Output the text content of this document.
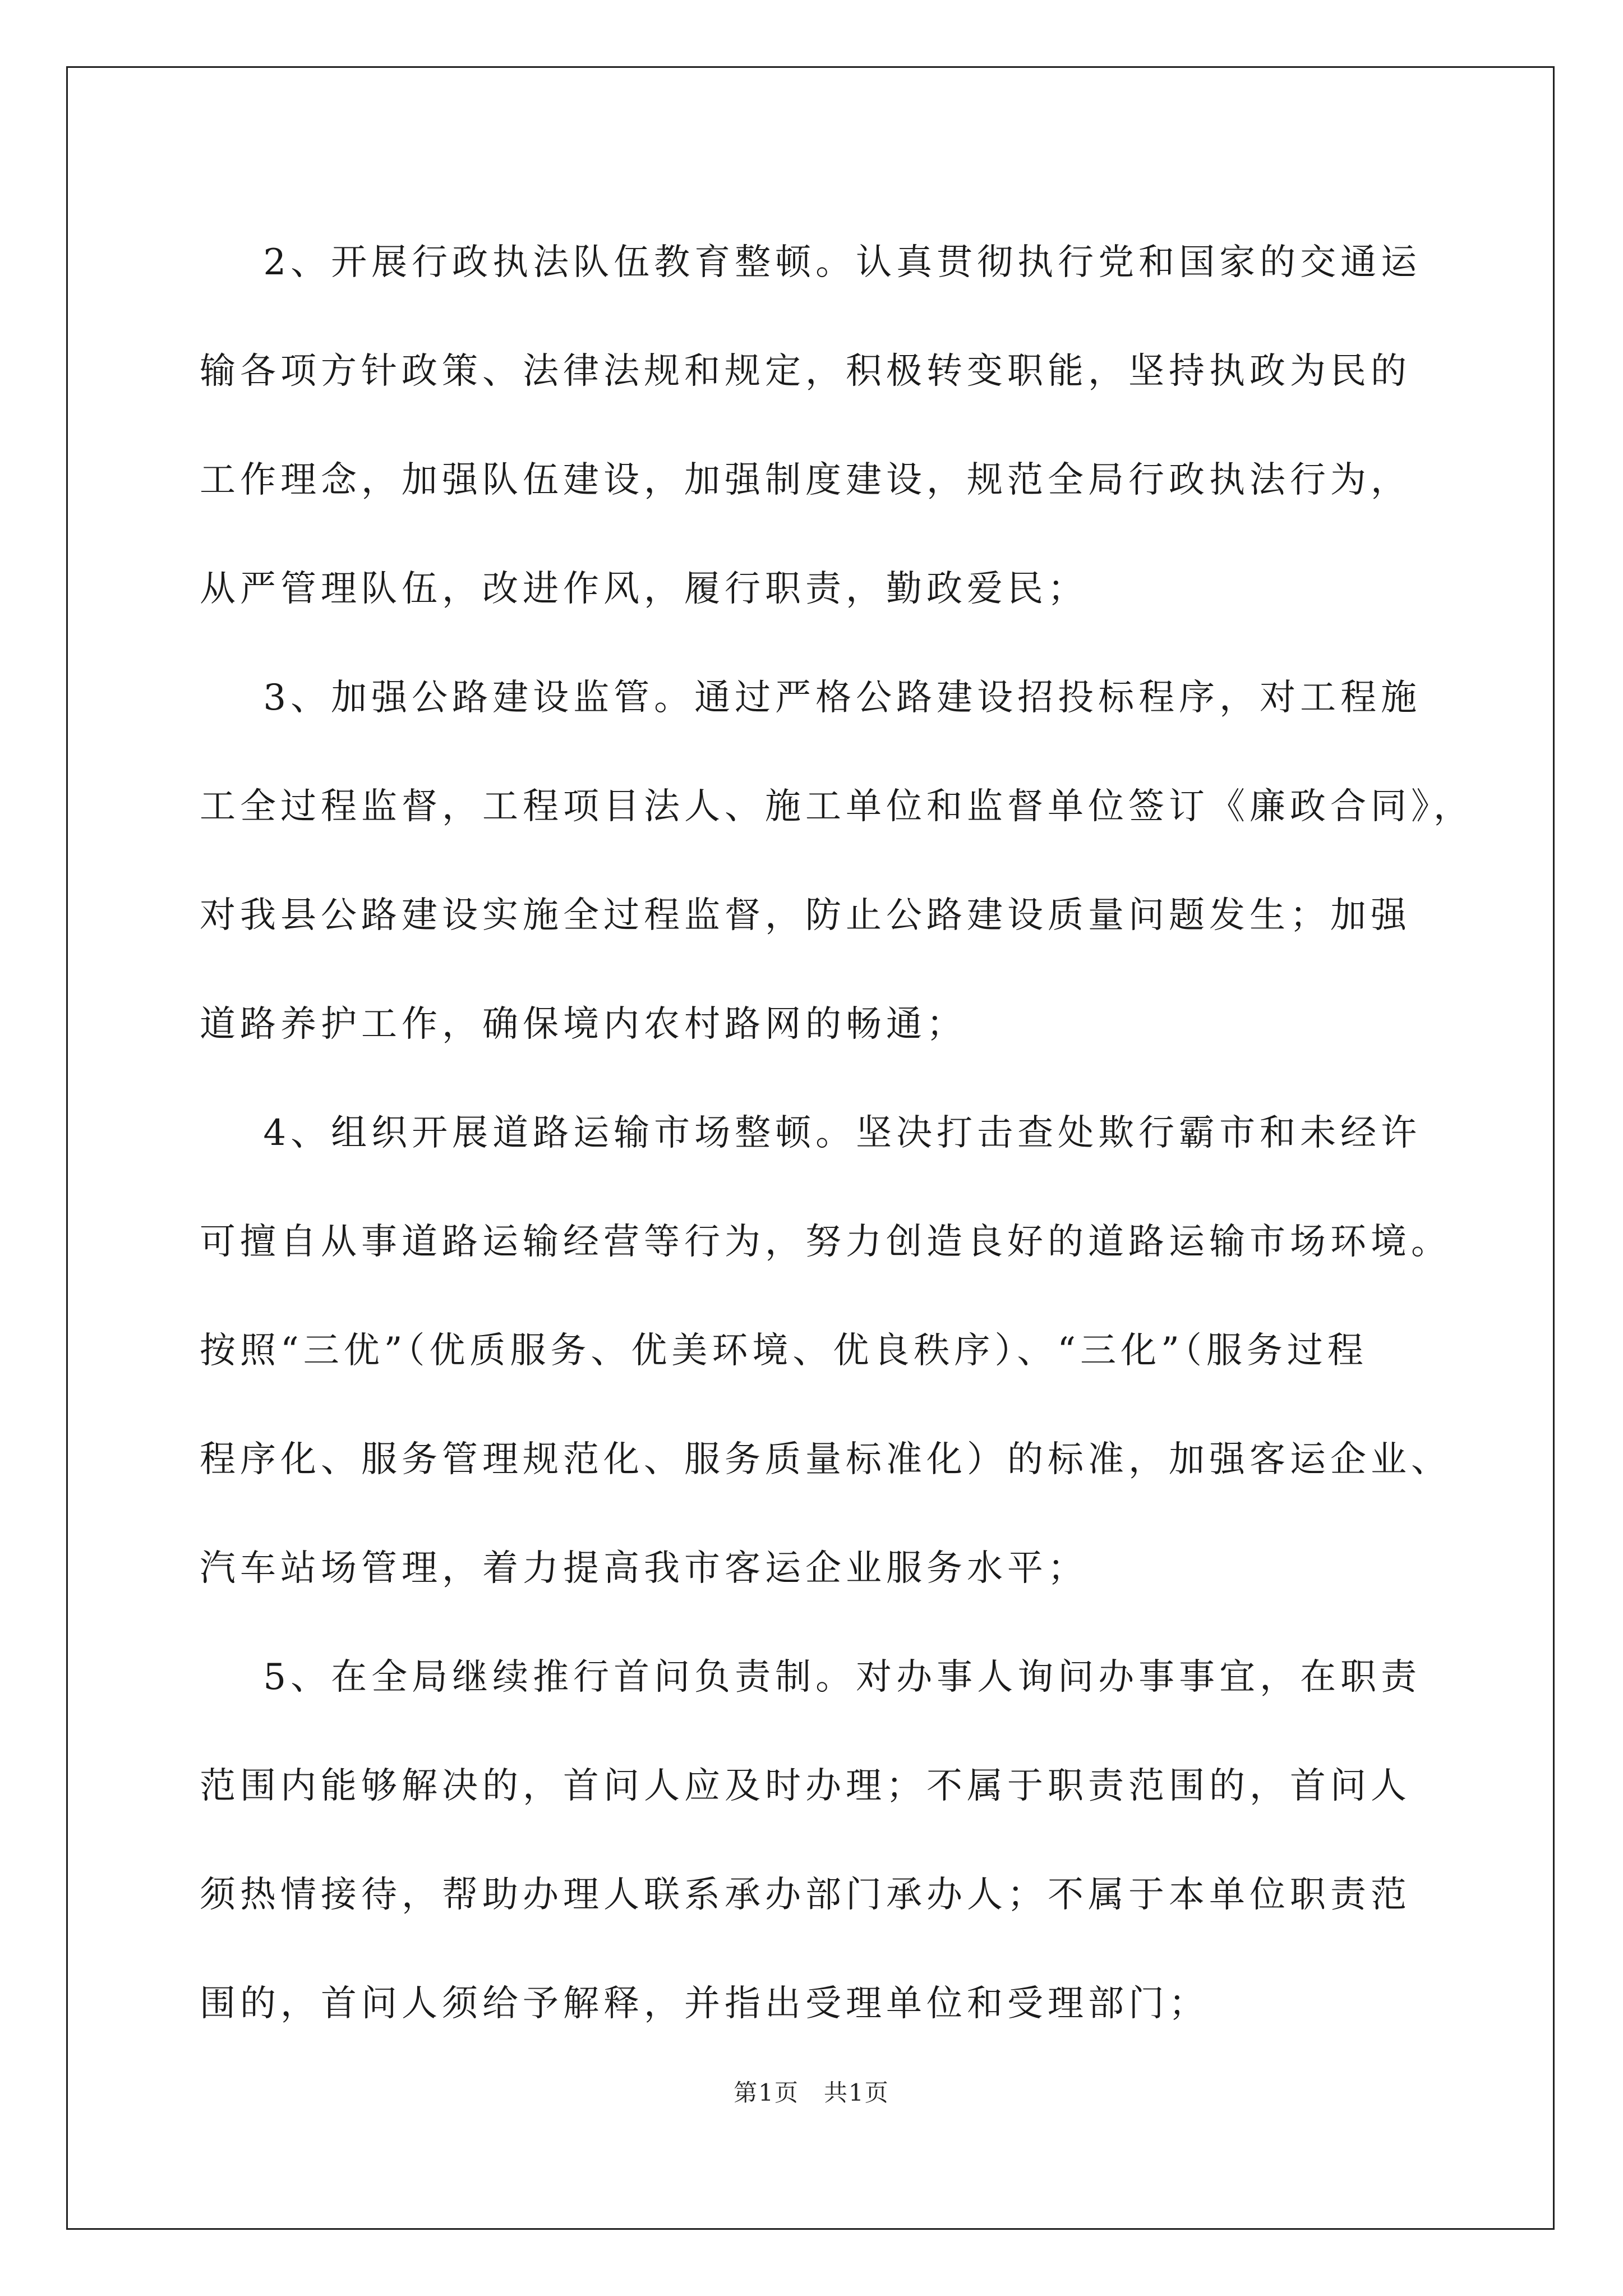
2、开展行政执法队伍教育整顿。认真贯彻执行党和国家的交通运
输各项方针政策、法律法规和规定，积极转变职能，坚持执政为民的
工作理念，加强队伍建设，加强制度建设，规范全局行政执法行为，
从严管理队伍，改进作风，履行职责，勤政爱民；
3、加强公路建设监管。通过严格公路建设招投标程序，对工程施
工全过程监督，工程项目法人、施工单位和监督单位签订《廉政合同》，
对我县公路建设实施全过程监督，防止公路建设质量问题发生；加强
道路养护工作，确保境内农村路网的畅通；
4、组织开展道路运输市场整顿。坚决打击查处欺行霸市和未经许
可擅自从事道路运输经营等行为，努力创造良好的道路运输市场环境。
按照“三优”（优质服务、优美环境、优良秩序）、“三化”（服务过程
程序化、服务管理规范化、服务质量标准化）的标准，加强客运企业、
汽车站场管理，着力提高我市客运企业服务水平；
5、在全局继续推行首问负责制。对办事人询问办事事宜，在职责
范围内能够解决的，首问人应及时办理；不属于职责范围的，首问人
须热情接待，帮助办理人联系承办部门承办人；不属于本单位职责范
围的，首问人须给予解释，并指出受理单位和受理部门；
第1页 共1页
